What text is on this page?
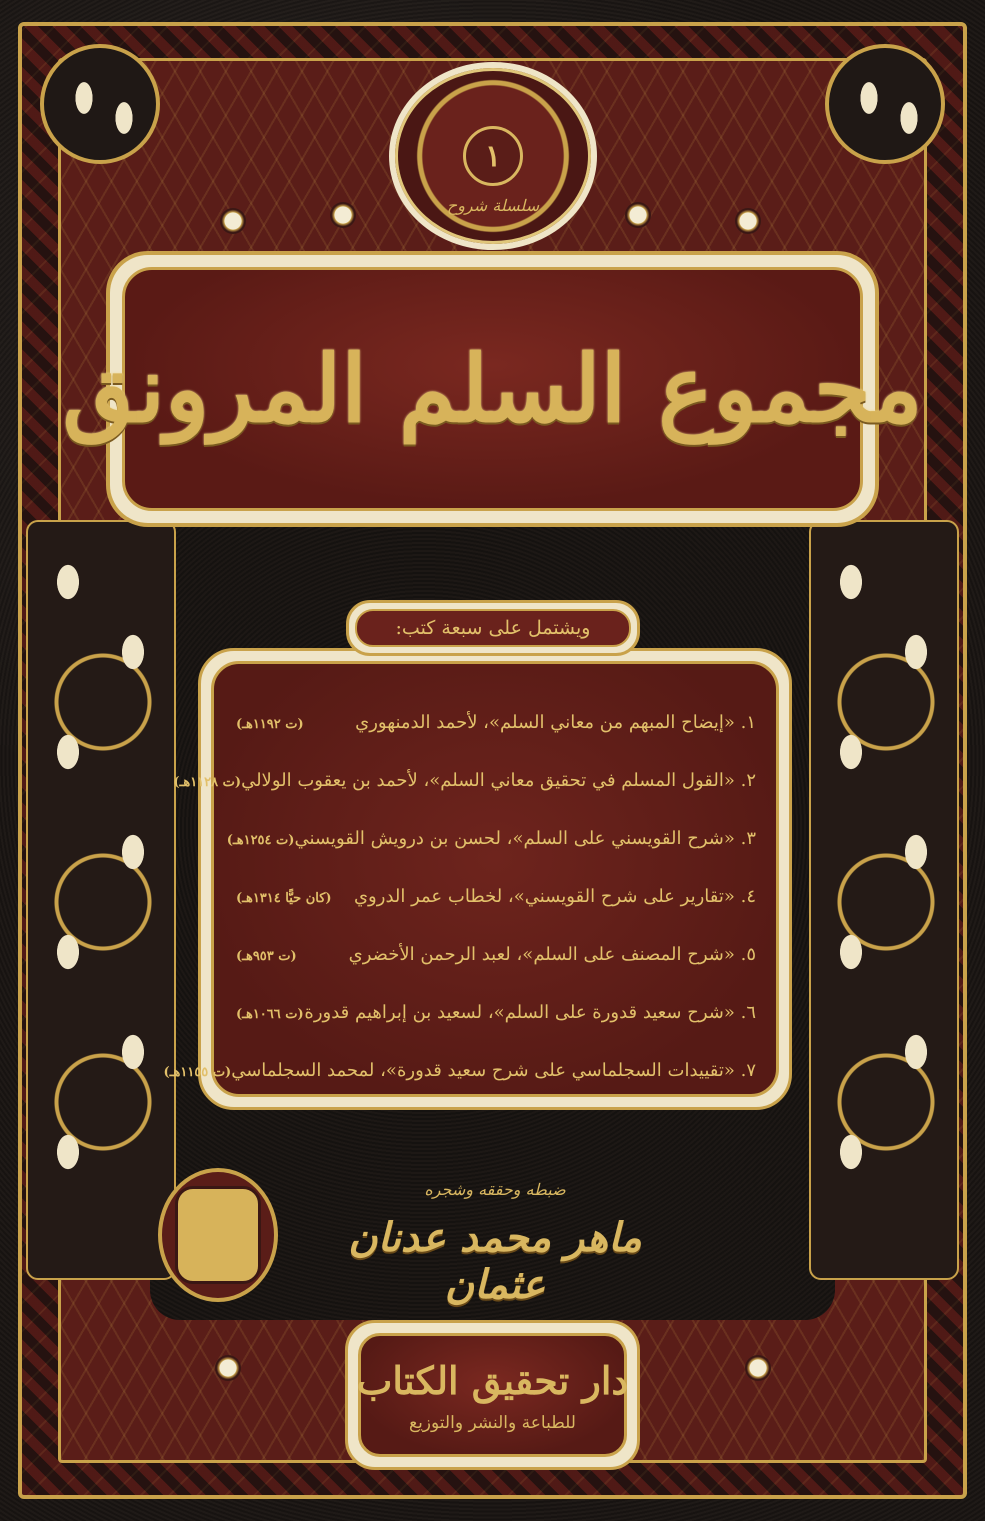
١
سلسلة شروح
مجموع السلم المرونق
١. «إيضاح المبهم من معاني السلم»، لأحمد الدمنهوري
(ت ١١٩٢هـ)
٢. «القول المسلم في تحقيق معاني السلم»، لأحمد بن يعقوب الولالي
(ت ١١٢٨هـ)
٣. «شرح القويسني على السلم»، لحسن بن درويش القويسني
(ت ١٢٥٤هـ)
٤. «تقارير على شرح القويسني»، لخطاب عمر الدروي
(كان حيًّا ١٣١٤هـ)
٥. «شرح المصنف على السلم»، لعبد الرحمن الأخضري
(ت ٩٥٣هـ)
٦. «شرح سعيد قدورة على السلم»، لسعيد بن إبراهيم قدورة
(ت ١٠٦٦هـ)
٧. «تقييدات السجلماسي على شرح سعيد قدورة»، لمحمد السجلماسي
(ت ١١٥٥هـ)
ويشتمل على سبعة كتب:
ضبطه وحققه وشجره
ماهر محمد عدنان عثمان
دار تحقيق الكتاب
للطباعة والنشر والتوزيع
